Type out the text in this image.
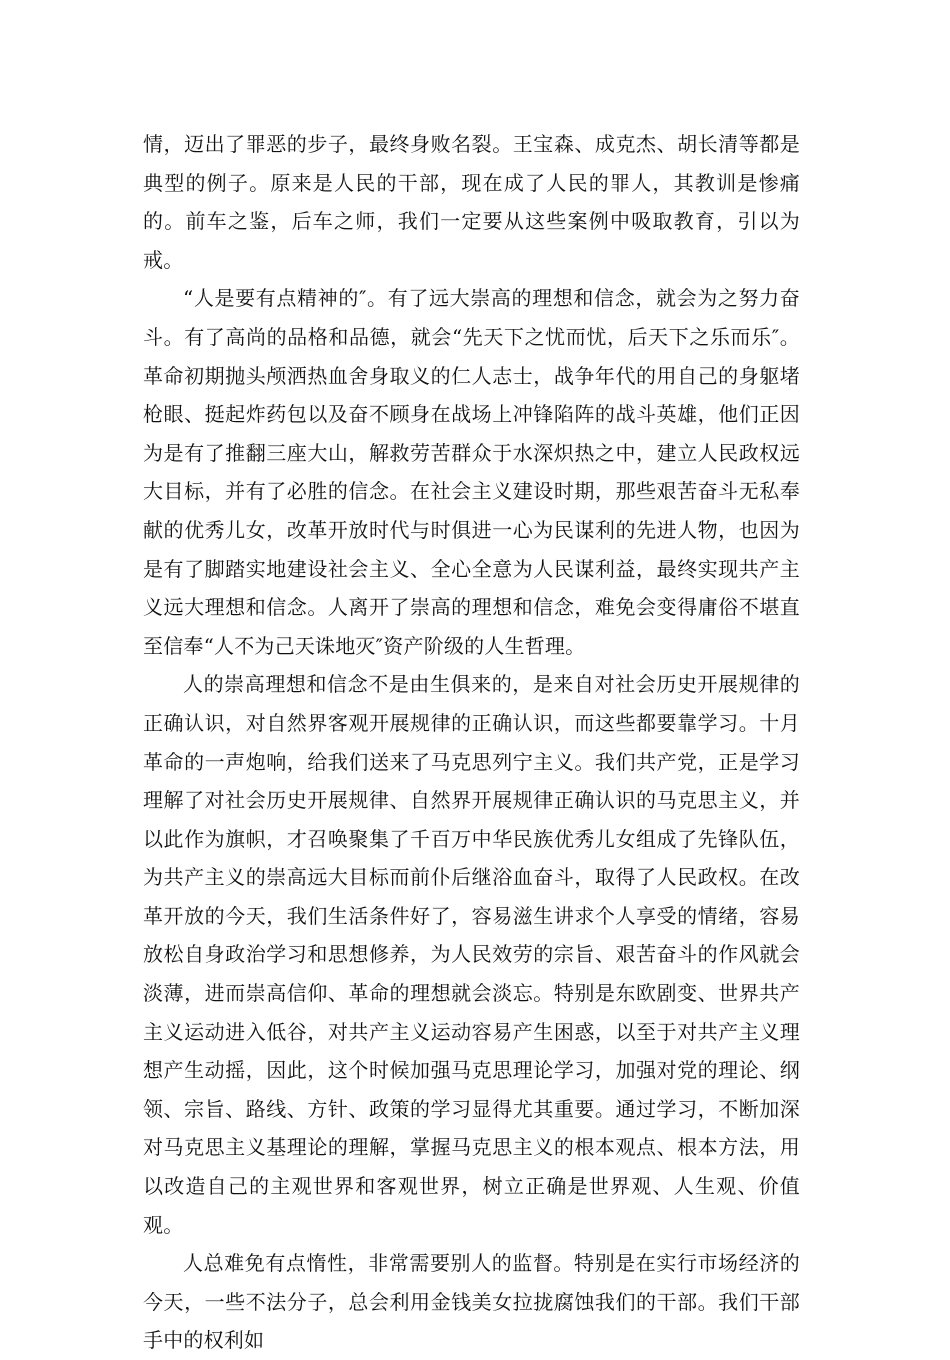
情，迈出了罪恶的步子，最终身败名裂。王宝森、成克杰、胡长清等都是典型的例子。原来是人民的干部，现在成了人民的罪人，其教训是惨痛的。前车之鉴，后车之师，我们一定要从这些案例中吸取教育，引以为戒。

“人是要有点精神的″。有了远大崇高的理想和信念，就会为之努力奋斗。有了高尚的品格和品德，就会“先天下之忧而忧，后天下之乐而乐″。革命初期抛头颅洒热血舍身取义的仁人志士，战争年代的用自己的身躯堵枪眼、挺起炸药包以及奋不顾身在战场上冲锋陷阵的战斗英雄，他们正因为是有了推翻三座大山，解救劳苦群众于水深炽热之中，建立人民政权远大目标，并有了必胜的信念。在社会主义建设时期，那些艰苦奋斗无私奉献的优秀儿女，改革开放时代与时俱进一心为民谋利的先进人物，也因为是有了脚踏实地建设社会主义、全心全意为人民谋利益，最终实现共产主义远大理想和信念。人离开了崇高的理想和信念，难免会变得庸俗不堪直至信奉“人不为己天诛地灭″资产阶级的人生哲理。

人的崇高理想和信念不是由生俱来的，是来自对社会历史开展规律的正确认识，对自然界客观开展规律的正确认识，而这些都要靠学习。十月革命的一声炮响，给我们送来了马克思列宁主义。我们共产党，正是学习理解了对社会历史开展规律、自然界开展规律正确认识的马克思主义，并以此作为旗帜，才召唤聚集了千百万中华民族优秀儿女组成了先锋队伍，为共产主义的崇高远大目标而前仆后继浴血奋斗，取得了人民政权。在改革开放的今天，我们生活条件好了，容易滋生讲求个人享受的情绪，容易放松自身政治学习和思想修养，为人民效劳的宗旨、艰苦奋斗的作风就会淡薄，进而崇高信仰、革命的理想就会淡忘。特别是东欧剧变、世界共产主义运动进入低谷，对共产主义运动容易产生困惑，以至于对共产主义理想产生动摇，因此，这个时候加强马克思理论学习，加强对党的理论、纲领、宗旨、路线、方针、政策的学习显得尤其重要。通过学习，不断加深对马克思主义基理论的理解，掌握马克思主义的根本观点、根本方法，用以改造自己的主观世界和客观世界，树立正确是世界观、人生观、价值观。

人总难免有点惰性，非常需要别人的监督。特别是在实行市场经济的今天，一些不法分子，总会利用金钱美女拉拢腐蚀我们的干部。我们干部手中的权利如
